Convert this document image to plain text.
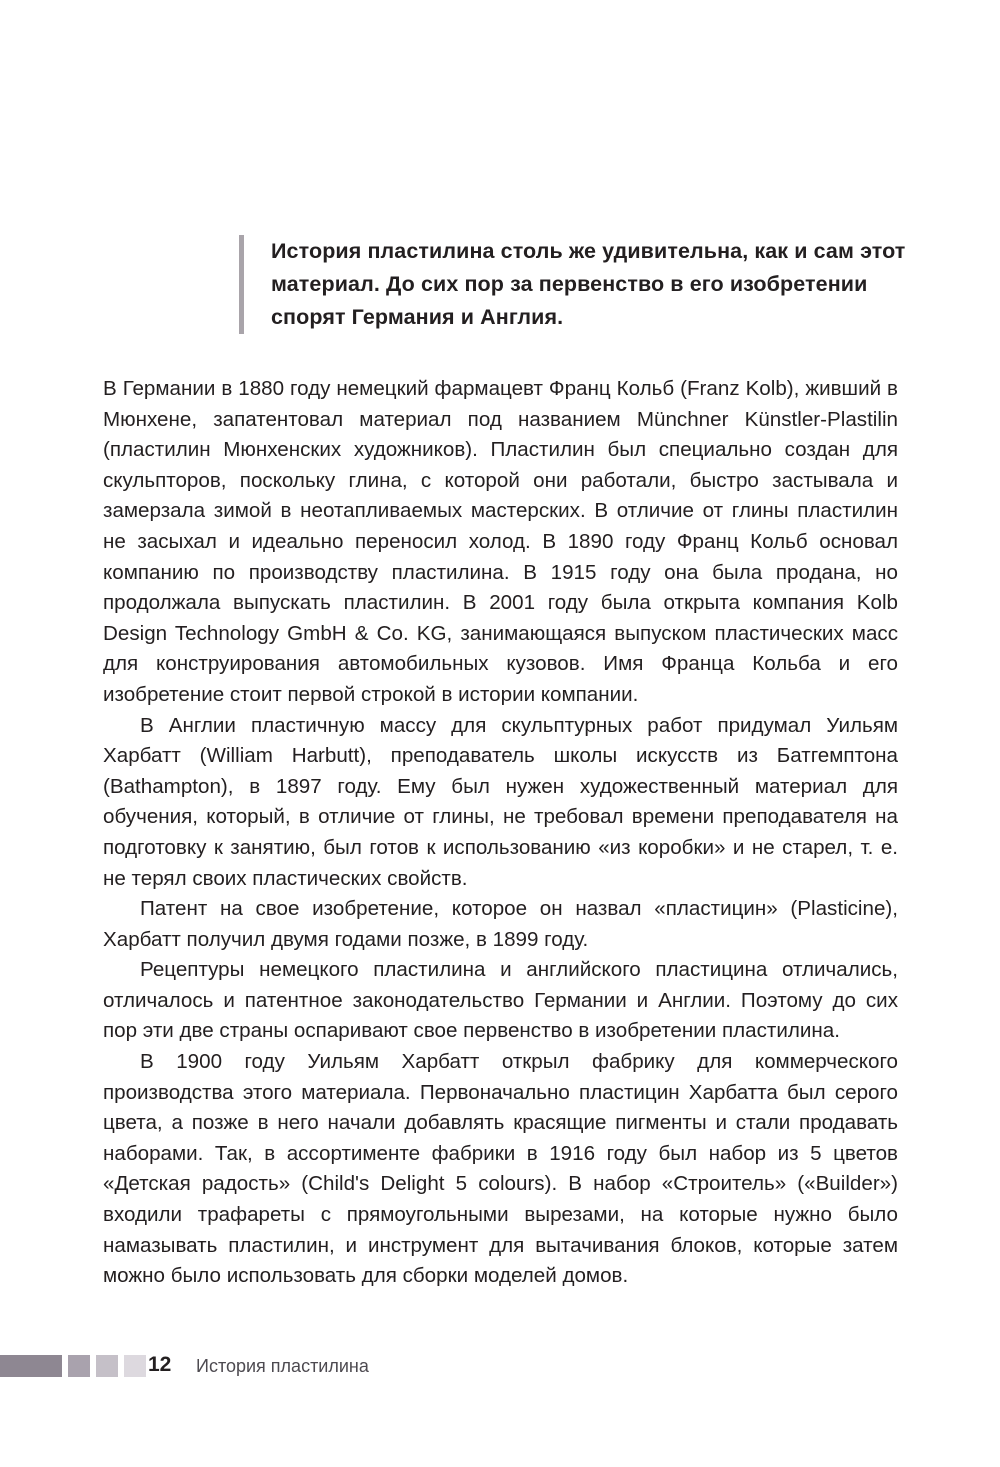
История пластилина столь же удивительна, как и сам этот материал. До сих пор за первенство в его изобретении спорят Германия и Англия.

В Германии в 1880 году немецкий фармацевт Франц Кольб (Franz Kolb), живший в Мюнхене, запатентовал материал под названием Münchner Künstler-Plastilin (пластилин Мюнхенских художников). Пластилин был специально создан для скульпторов, поскольку глина, с которой они работали, быстро застывала и замерзала зимой в неотапливаемых мастерских. В отличие от глины пластилин не засыхал и идеально переносил холод. В 1890 году Франц Кольб основал компанию по производству пластилина. В 1915 году она была продана, но продолжала выпускать пластилин. В 2001 году была открыта компания Kolb Design Technology GmbH & Co. KG, занимающаяся выпуском пластических масс для конструирования автомобильных кузовов. Имя Франца Кольба и его изобретение стоит первой строкой в истории компании.

В Англии пластичную массу для скульптурных работ придумал Уильям Харбатт (William Harbutt), преподаватель школы искусств из Батгемптона (Bathampton), в 1897 году. Ему был нужен художественный материал для обучения, который, в отличие от глины, не требовал времени преподавателя на подготовку к занятию, был готов к использованию «из коробки» и не старел, т. е. не терял своих пластических свойств.

Патент на свое изобретение, которое он назвал «пластицин» (Plasticine), Харбатт получил двумя годами позже, в 1899 году.

Рецептуры немецкого пластилина и английского пластицина отличались, отличалось и патентное законодательство Германии и Англии. Поэтому до сих пор эти две страны оспаривают свое первенство в изобретении пластилина.

В 1900 году Уильям Харбатт открыл фабрику для коммерческого производства этого материала. Первоначально пластицин Харбатта был серого цвета, а позже в него начали добавлять красящие пигменты и стали продавать наборами. Так, в ассортименте фабрики в 1916 году был набор из 5 цветов «Детская радость» (Child's Delight 5 colours). В набор «Строитель» («Builder») входили трафареты с прямоугольными вырезами, на которые нужно было намазывать пластилин, и инструмент для вытачивания блоков, которые затем можно было использовать для сборки моделей домов.

12 История пластилина
